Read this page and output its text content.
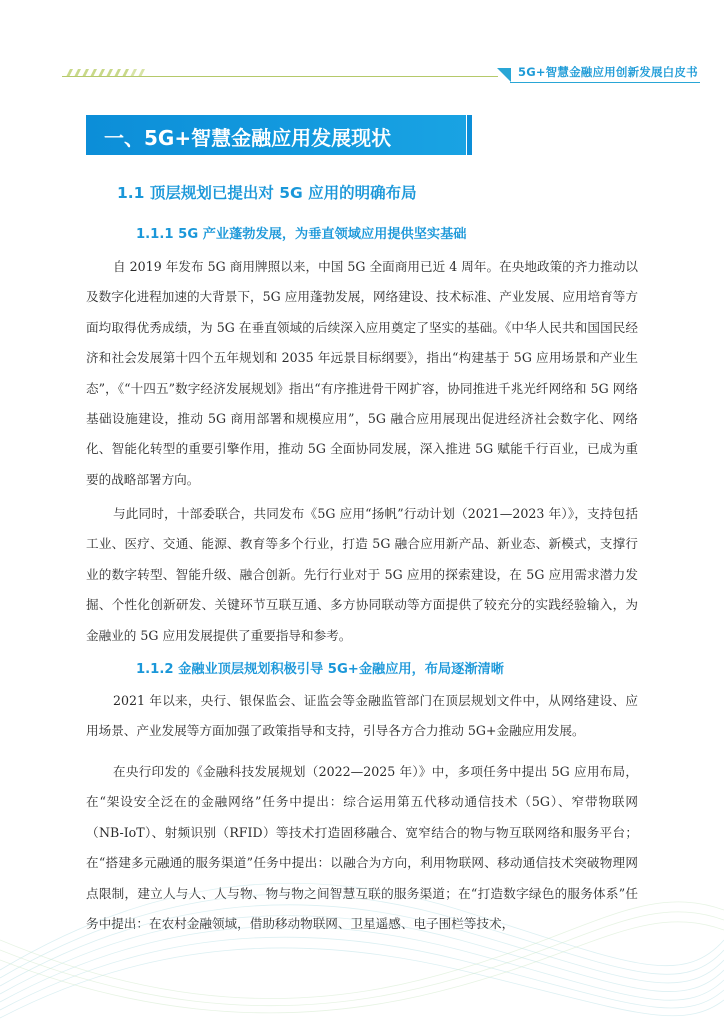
5G+智慧金融应用创新发展白皮书
一、5G+智慧金融应用发展现状
1.1 顶层规划已提出对 5G 应用的明确布局
1.1.1 5G 产业蓬勃发展，为垂直领域应用提供坚实基础

自 2019 年发布 5G 商用牌照以来，中国 5G 全面商用已近 4 周年。在央地政策的齐力推动以及数字化进程加速的大背景下，5G 应用蓬勃发展，网络建设、技术标准、产业发展、应用培育等方面均取得优秀成绩，为 5G 在垂直领域的后续深入应用奠定了坚实的基础。《中华人民共和国国民经济和社会发展第十四个五年规划和 2035 年远景目标纲要》，指出“构建基于 5G 应用场景和产业生态”，《“十四五”数字经济发展规划》指出“有序推进骨干网扩容，协同推进千兆光纤网络和 5G 网络基础设施建设，推动 5G 商用部署和规模应用”，5G 融合应用展现出促进经济社会数字化、网络化、智能化转型的重要引擎作用，推动 5G 全面协同发展，深入推进 5G 赋能千行百业，已成为重要的战略部署方向。

与此同时，十部委联合，共同发布《5G 应用“扬帆”行动计划（2021—2023 年）》，支持包括工业、医疗、交通、能源、教育等多个行业，打造 5G 融合应用新产品、新业态、新模式，支撑行业的数字转型、智能升级、融合创新。先行行业对于 5G 应用的探索建设，在 5G 应用需求潜力发掘、个性化创新研发、关键环节互联互通、多方协同联动等方面提供了较充分的实践经验输入，为金融业的 5G 应用发展提供了重要指导和参考。

1.1.2 金融业顶层规划积极引导 5G+金融应用，布局逐渐清晰

2021 年以来，央行、银保监会、证监会等金融监管部门在顶层规划文件中，从网络建设、应用场景、产业发展等方面加强了政策指导和支持，引导各方合力推动 5G+金融应用发展。

在央行印发的《金融科技发展规划（2022—2025 年）》中，多项任务中提出 5G 应用布局，在“架设安全泛在的金融网络”任务中提出：综合运用第五代移动通信技术（5G）、窄带物联网（NB-IoT）、射频识别（RFID）等技术打造固移融合、宽窄结合的物与物互联网络和服务平台；在“搭建多元融通的服务渠道”任务中提出：以融合为方向，利用物联网、移动通信技术突破物理网点限制，建立人与人、人与物、物与物之间智慧互联的服务渠道；在“打造数字绿色的服务体系”任务中提出：在农村金融领域，借助移动物联网、卫星遥感、电子围栏等技术，
